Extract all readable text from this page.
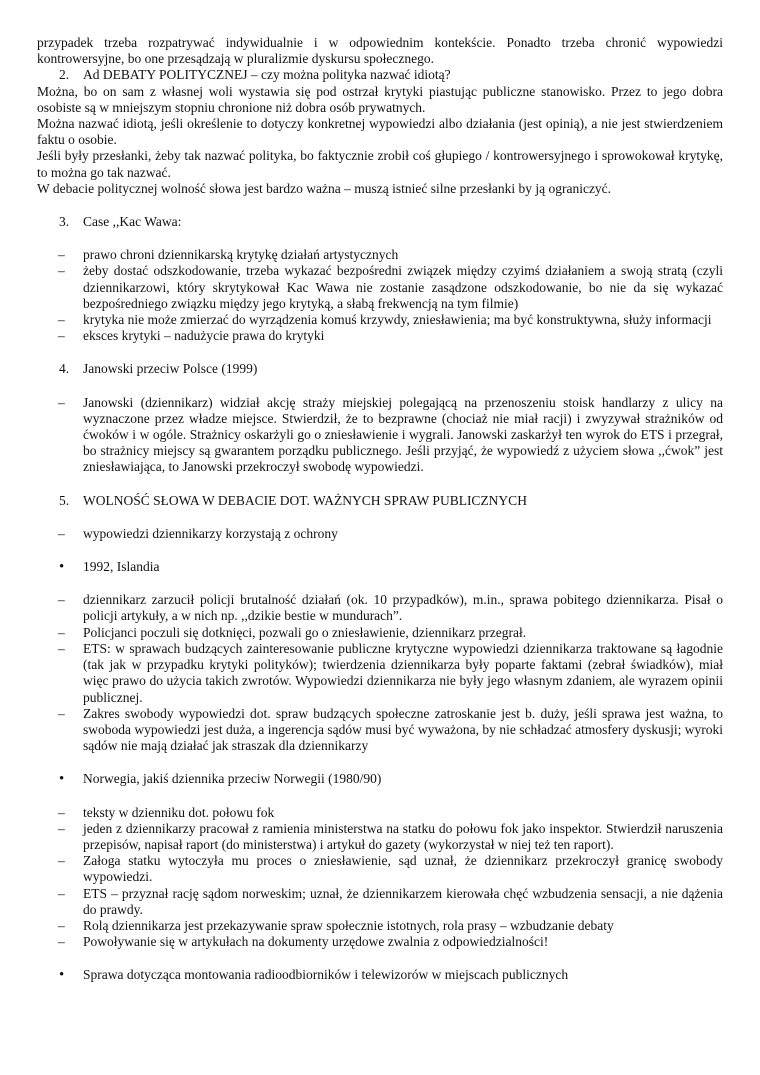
przypadek trzeba rozpatrywać indywidualnie i w odpowiednim kontekście. Ponadto trzeba chronić wypowiedzi kontrowersyjne, bo one przesądzają w pluralizmie dyskursu społecznego.

2. Ad DEBATY POLITYCZNEJ – czy można polityka nazwać idiotą?

Można, bo on sam z własnej woli wystawia się pod ostrzał krytyki piastując publiczne stanowisko. Przez to jego dobra osobiste są w mniejszym stopniu chronione niż dobra osób prywatnych.

Można nazwać idiotą, jeśli określenie to dotyczy konkretnej wypowiedzi albo działania (jest opinią), a nie jest stwierdzeniem faktu o osobie.

Jeśli były przesłanki, żeby tak nazwać polityka, bo faktycznie zrobił coś głupiego / kontrowersyjnego i sprowokował krytykę, to można go tak nazwać.

W debacie politycznej wolność słowa jest bardzo ważna – muszą istnieć silne przesłanki by ją ograniczyć.

3. Case ,,Kac Wawa:
– prawo chroni dziennikarską krytykę działań artystycznych
– żeby dostać odszkodowanie, trzeba wykazać bezpośredni związek między czyimś działaniem a swoją stratą (czyli dziennikarzowi, który skrytykował Kac Wawa nie zostanie zasądzone odszkodowanie, bo nie da się wykazać bezpośredniego związku między jego krytyką, a słabą frekwencją na tym filmie)
– krytyka nie może zmierzać do wyrządzenia komuś krzywdy, zniesławienia; ma być konstruktywna, służy informacji
– eksces krytyki – nadużycie prawa do krytyki
4. Janowski przeciw Polsce (1999)
– Janowski (dziennikarz) widział akcję straży miejskiej polegającą na przenoszeniu stoisk handlarzy z ulicy na wyznaczone przez władze miejsce. Stwierdził, że to bezprawne (chociaż nie miał racji) i zwyzywał strażników od ćwoków i w ogóle. Strażnicy oskarżyli go o zniesławienie i wygrali. Janowski zaskarżył ten wyrok do ETS i przegrał, bo strażnicy miejscy są gwarantem porządku publicznego. Jeśli przyjąć, że wypowiedź z użyciem słowa ,,ćwok” jest zniesławiająca, to Janowski przekroczył swobodę wypowiedzi.
5. WOLNOŚĆ SŁOWA W DEBACIE DOT. WAŻNYCH SPRAW PUBLICZNYCH
– wypowiedzi dziennikarzy korzystają z ochrony
• 1992, Islandia
– dziennikarz zarzucił policji brutalność działań (ok. 10 przypadków), m.in., sprawa pobitego dziennikarza. Pisał o policji artykuły, a w nich np. ,,dzikie bestie w mundurach”.
– Policjanci poczuli się dotknięci, pozwali go o zniesławienie, dziennikarz przegrał.
– ETS: w sprawach budzących zainteresowanie publiczne krytyczne wypowiedzi dziennikarza traktowane są łagodnie (tak jak w przypadku krytyki polityków); twierdzenia dziennikarza były poparte faktami (zebrał świadków), miał więc prawo do użycia takich zwrotów. Wypowiedzi dziennikarza nie były jego własnym zdaniem, ale wyrazem opinii publicznej.
– Zakres swobody wypowiedzi dot. spraw budzących społeczne zatroskanie jest b. duży, jeśli sprawa jest ważna, to swoboda wypowiedzi jest duża, a ingerencja sądów musi być wyważona, by nie schładzać atmosfery dyskusji; wyroki sądów nie mają działać jak straszak dla dziennikarzy
• Norwegia, jakiś dziennika przeciw Norwegii (1980/90)
– teksty w dzienniku dot. połowu fok
– jeden z dziennikarzy pracował z ramienia ministerstwa na statku do połowu fok jako inspektor. Stwierdził naruszenia przepisów, napisał raport (do ministerstwa) i artykuł do gazety (wykorzystał w niej też ten raport).
– Załoga statku wytoczyła mu proces o zniesławienie, sąd uznał, że dziennikarz przekroczył granicę swobody wypowiedzi.
– ETS – przyznał rację sądom norweskim; uznał, że dziennikarzem kierowała chęć wzbudzenia sensacji, a nie dążenia do prawdy.
– Rolą dziennikarza jest przekazywanie spraw społecznie istotnych, rola prasy – wzbudzanie debaty
– Powoływanie się w artykułach na dokumenty urzędowe zwalnia z odpowiedzialności!
• Sprawa dotycząca montowania radioodbiorników i telewizorów w miejscach publicznych
